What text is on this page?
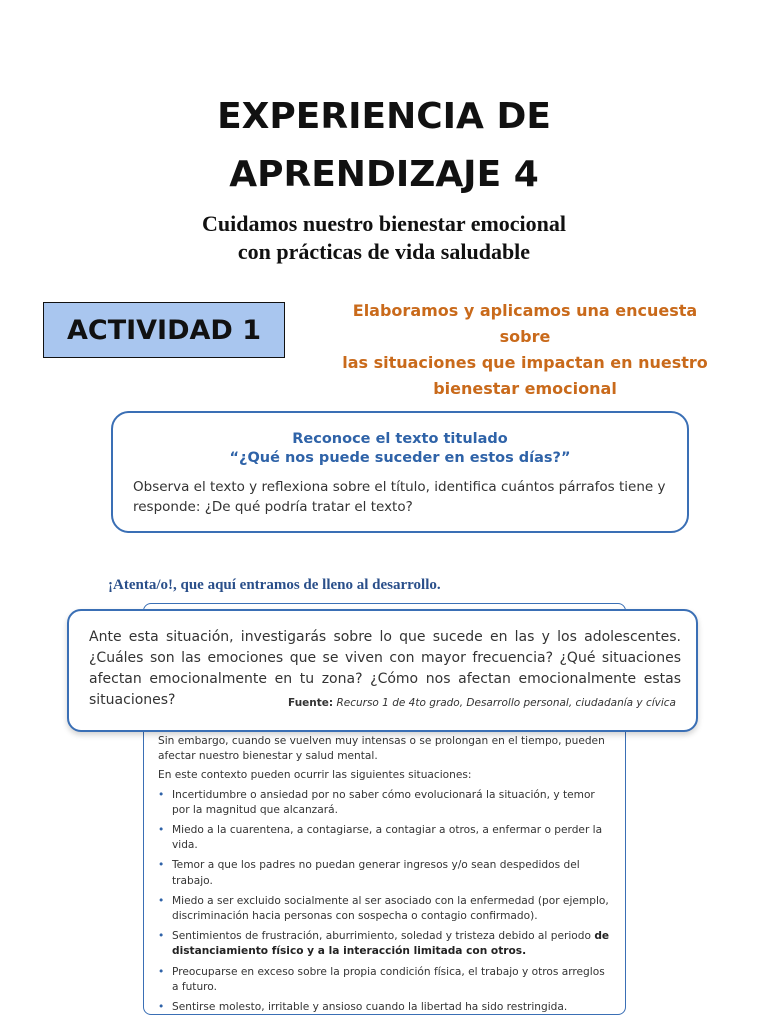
EXPERIENCIA DE
APRENDIZAJE 4
Cuidamos nuestro bienestar emocional
con prácticas de vida saludable
ACTIVIDAD 1
Elaboramos y aplicamos una encuesta sobre
las situaciones que impactan en nuestro
bienestar emocional
Reconoce el texto titulado
“¿Qué nos puede suceder en estos días?”
Observa el texto y reflexiona sobre el título, identifica cuántos párrafos tiene y responde: ¿De qué podría tratar el texto?
¡Atenta/o!, que aquí entramos de lleno al desarrollo.

Sin embargo, cuando se vuelven muy intensas o se prolongan en el tiempo, pueden afectar nuestro bienestar y salud mental.

En este contexto pueden ocurrir las siguientes situaciones:

• Incertidumbre o ansiedad por no saber cómo evolucionará la situación, y temor por la magnitud que alcanzará.
• Miedo a la cuarentena, a contagiarse, a contagiar a otros, a enfermar o perder la vida.
• Temor a que los padres no puedan generar ingresos y/o sean despedidos del trabajo.
• Miedo a ser excluido socialmente al ser asociado con la enfermedad (por ejemplo, discriminación hacia personas con sospecha o contagio confirmado).
• Sentimientos de frustración, aburrimiento, soledad y tristeza debido al periodo de distanciamiento físico y a la interacción limitada con otros.
• Preocuparse en exceso sobre la propia condición física, el trabajo y otros arreglos a futuro.
• Sentirse molesto, irritable y ansioso cuando la libertad ha sido restringida.
Ante esta situación, investigarás sobre lo que sucede en las y los adolescentes. ¿Cuáles son las emociones que se viven con mayor frecuencia? ¿Qué situaciones afectan emocionalmente en tu zona? ¿Cómo nos afectan emocionalmente estas situaciones?	Fuente: Recurso 1 de 4to grado, Desarrollo personal, ciudadanía y cívica
